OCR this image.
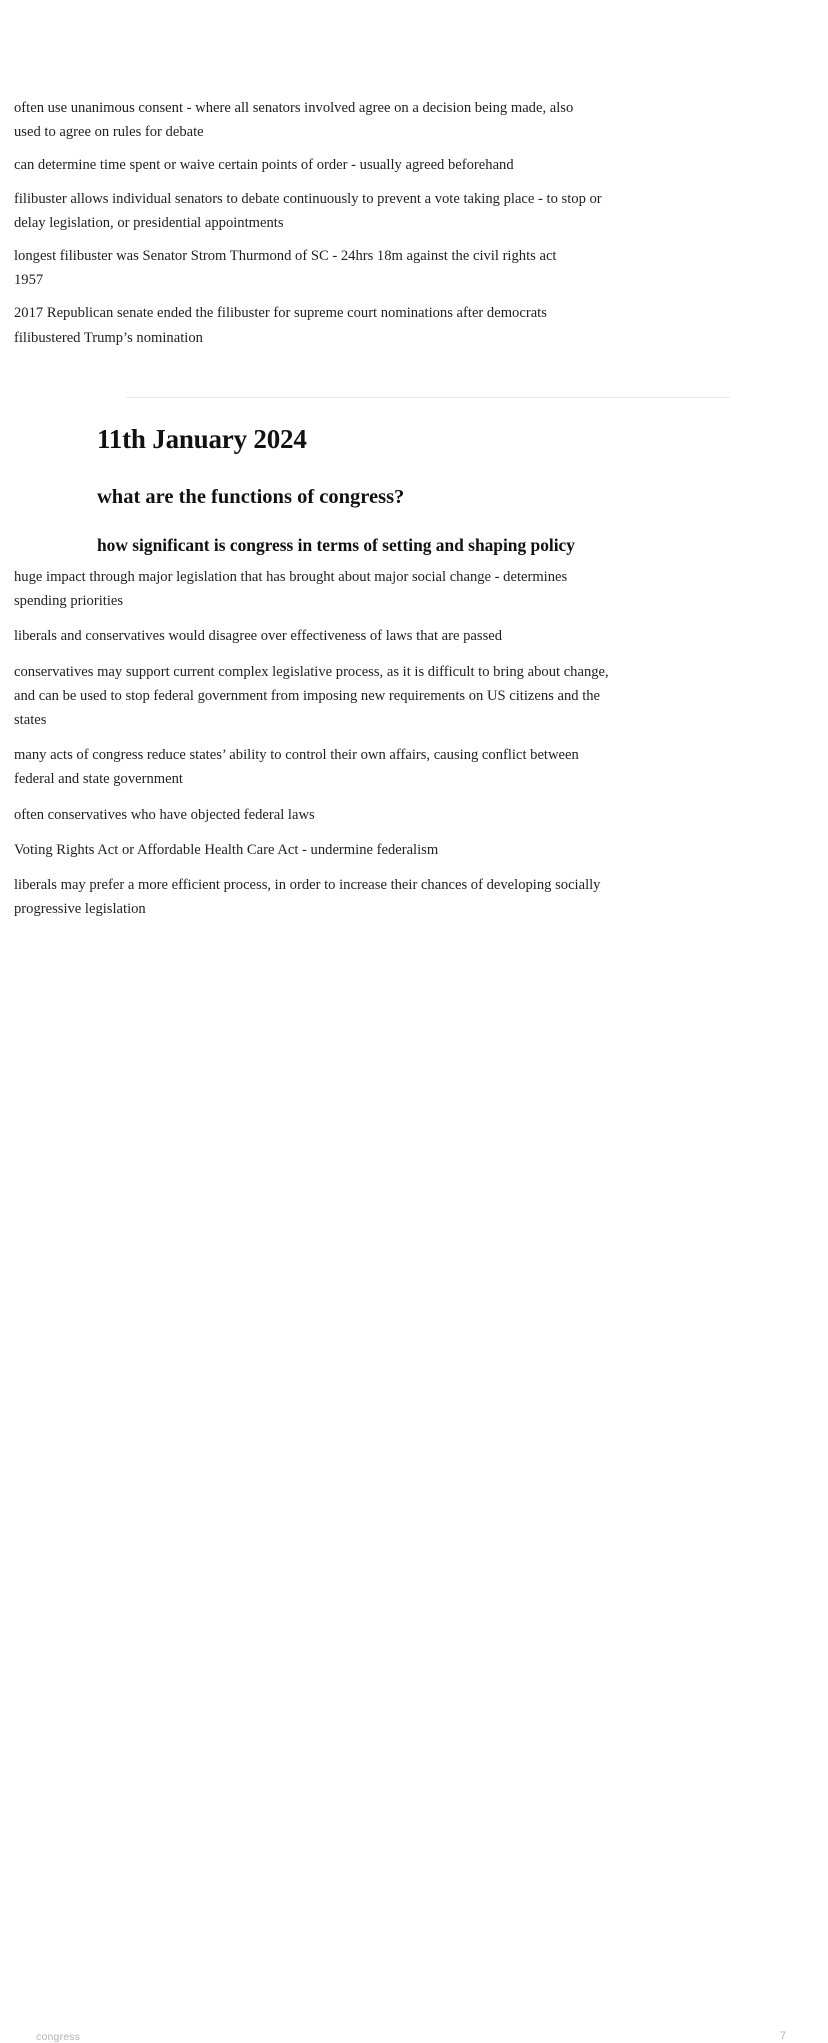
often use unanimous consent - where all senators involved agree on a decision being made, also used to agree on rules for debate
can determine time spent or waive certain points of order - usually agreed beforehand
filibuster allows individual senators to debate continuously to prevent a vote taking place - to stop or delay legislation, or presidential appointments
longest filibuster was Senator Strom Thurmond of SC - 24hrs 18m against the civil rights act 1957
2017 Republican senate ended the filibuster for supreme court nominations after democrats filibustered Trump’s nomination
11th January 2024
what are the functions of congress?
how significant is congress in terms of setting and shaping policy
huge impact through major legislation that has brought about major social change - determines spending priorities
liberals and conservatives would disagree over effectiveness of laws that are passed
conservatives may support current complex legislative process, as it is difficult to bring about change, and can be used to stop federal government from imposing new requirements on US citizens and the states
many acts of congress reduce states’ ability to control their own affairs, causing conflict between federal and state government
often conservatives who have objected federal laws
Voting Rights Act or Affordable Health Care Act - undermine federalism
liberals may prefer a more efficient process, in order to increase their chances of developing socially progressive legislation
congress	7
